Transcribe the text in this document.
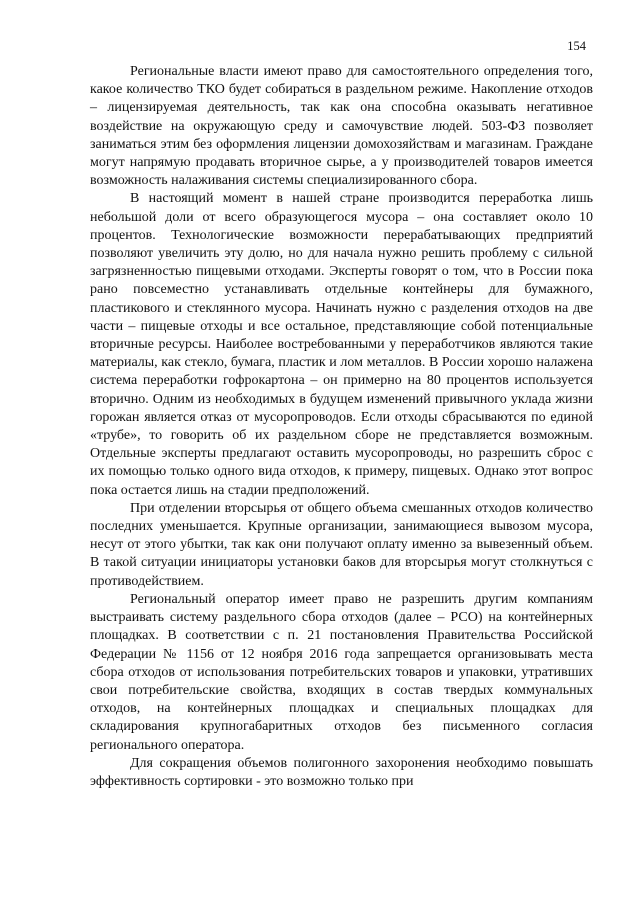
154

Региональные власти имеют право для самостоятельного определения того, какое количество ТКО будет собираться в раздельном режиме. Накопление отходов – лицензируемая деятельность, так как она способна оказывать негативное воздействие на окружающую среду и самочувствие людей. 503-ФЗ позволяет заниматься этим без оформления лицензии домохозяйствам и магазинам. Граждане могут напрямую продавать вторичное сырье, а у производителей товаров имеется возможность налаживания системы специализированного сбора.

В настоящий момент в нашей стране производится переработка лишь небольшой доли от всего образующегося мусора – она составляет около 10 процентов. Технологические возможности перерабатывающих предприятий позволяют увеличить эту долю, но для начала нужно решить проблему с сильной загрязненностью пищевыми отходами. Эксперты говорят о том, что в России пока рано повсеместно устанавливать отдельные контейнеры для бумажного, пластикового и стеклянного мусора. Начинать нужно с разделения отходов на две части – пищевые отходы и все остальное, представляющие собой потенциальные вторичные ресурсы. Наиболее востребованными у переработчиков являются такие материалы, как стекло, бумага, пластик и лом металлов. В России хорошо налажена система переработки гофрокартона – он примерно на 80 процентов используется вторично. Одним из необходимых в будущем изменений привычного уклада жизни горожан является отказ от мусоропроводов. Если отходы сбрасываются по единой «трубе», то говорить об их раздельном сборе не представляется возможным. Отдельные эксперты предлагают оставить мусоропроводы, но разрешить сброс с их помощью только одного вида отходов, к примеру, пищевых. Однако этот вопрос пока остается лишь на стадии предположений.

При отделении вторсырья от общего объема смешанных отходов количество последних уменьшается. Крупные организации, занимающиеся вывозом мусора, несут от этого убытки, так как они получают оплату именно за вывезенный объем. В такой ситуации инициаторы установки баков для вторсырья могут столкнуться с противодействием.

Региональный оператор имеет право не разрешить другим компаниям выстраивать систему раздельного сбора отходов (далее – РСО) на контейнерных площадках. В соответствии с п. 21 постановления Правительства Российской Федерации № 1156 от 12 ноября 2016 года запрещается организовывать места сбора отходов от использования потребительских товаров и упаковки, утративших свои потребительские свойства, входящих в состав твердых коммунальных отходов, на контейнерных площадках и специальных площадках для складирования крупногабаритных отходов без письменного согласия регионального оператора.

Для сокращения объемов полигонного захоронения необходимо повышать эффективность сортировки - это возможно только при
